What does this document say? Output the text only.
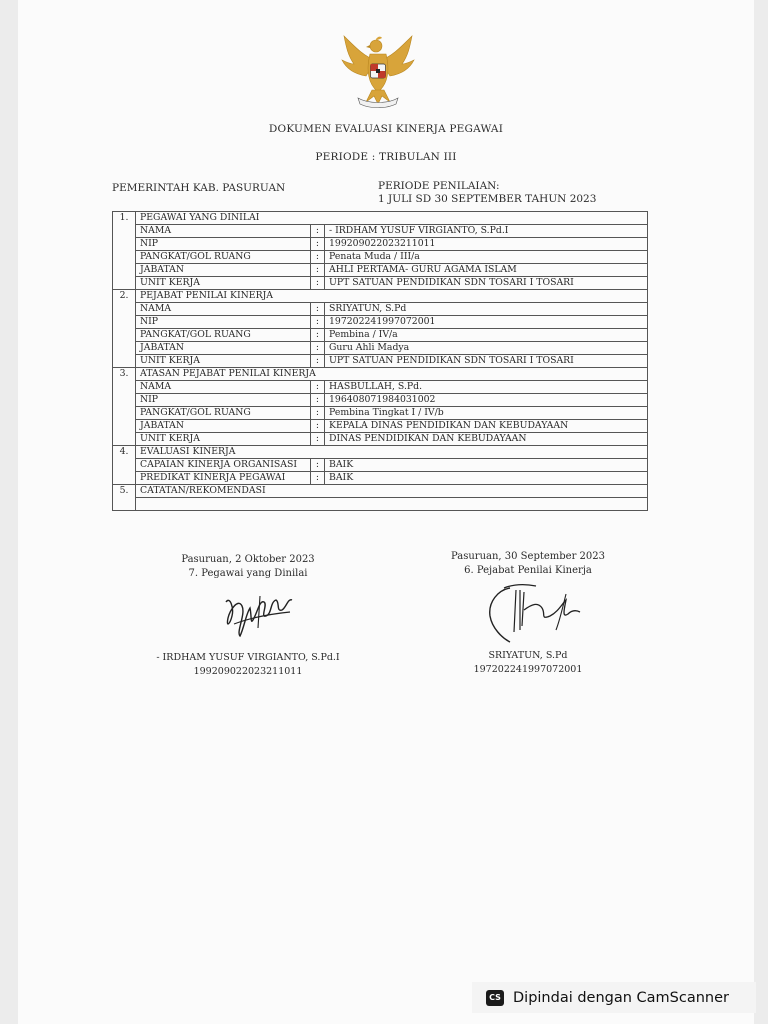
DOKUMEN EVALUASI KINERJA PEGAWAI
PERIODE : TRIBULAN III
PEMERINTAH KAB. PASURUAN	PERIODE PENILAIAN:
1 JULI SD 30 SEPTEMBER TAHUN 2023
1.	PEGAWAI YANG DINILAI		
	NAMA	:	- IRDHAM YUSUF VIRGIANTO, S.Pd.I
	NIP	:	199209022023211011
	PANGKAT/GOL RUANG	:	Penata Muda / III/a
	JABATAN	:	AHLI PERTAMA- GURU AGAMA ISLAM
	UNIT KERJA	:	UPT SATUAN PENDIDIKAN SDN TOSARI I TOSARI
2.	PEJABAT PENILAI KINERJA		
	NAMA	:	SRIYATUN, S.Pd
	NIP	:	197202241997072001
	PANGKAT/GOL RUANG	:	Pembina / IV/a
	JABATAN	:	Guru Ahli Madya
	UNIT KERJA	:	UPT SATUAN PENDIDIKAN SDN TOSARI I TOSARI
3.	ATASAN PEJABAT PENILAI KINERJA		
	NAMA	:	HASBULLAH, S.Pd.
	NIP	:	196408071984031002
	PANGKAT/GOL RUANG	:	Pembina Tingkat I / IV/b
	JABATAN	:	KEPALA DINAS PENDIDIKAN DAN KEBUDAYAAN
	UNIT KERJA	:	DINAS PENDIDIKAN DAN KEBUDAYAAN
4.	EVALUASI KINERJA		
	CAPAIAN KINERJA ORGANISASI	:	BAIK
	PREDIKAT KINERJA PEGAWAI	:	BAIK
5.	CATATAN/REKOMENDASI		

Pasuruan, 2 Oktober 2023
7. Pegawai yang Dinilai
- IRDHAM YUSUF VIRGIANTO, S.Pd.I
199209022023211011
Pasuruan, 30 September 2023
6. Pejabat Penilai Kinerja
SRIYATUN, S.Pd
197202241997072001
CS Dipindai dengan CamScanner
